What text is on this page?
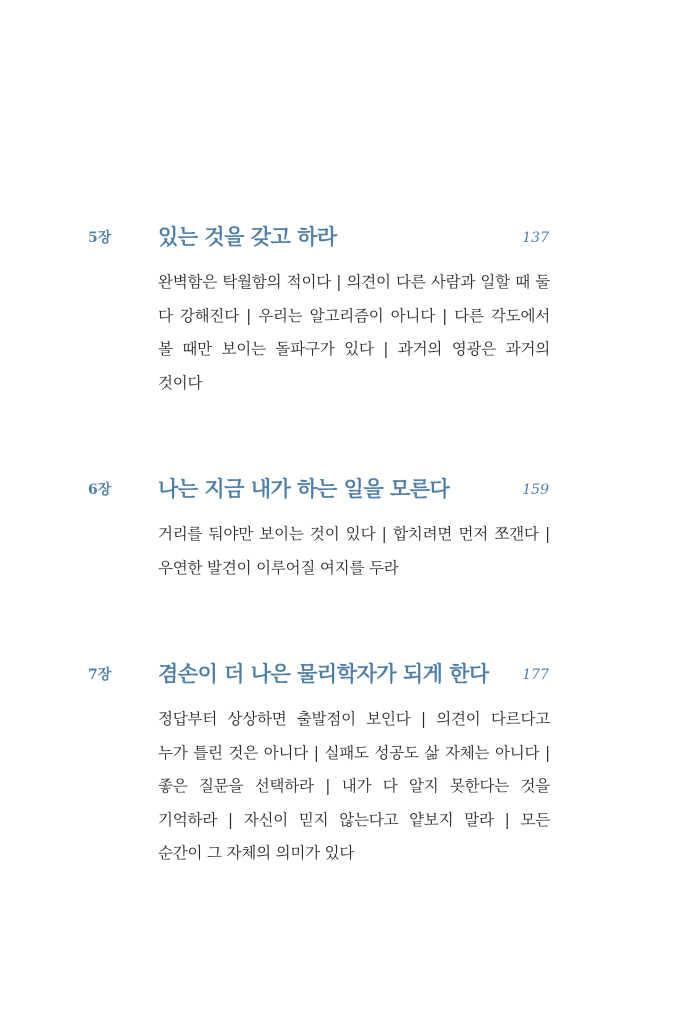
5장 있는 것을 갖고 하라	137
완벽함은 탁월함의 적이다 | 의견이 다른 사람과 일할 때 둘 다 강해진다 | 우리는 알고리즘이 아니다 | 다른 각도에서 볼 때만 보이는 돌파구가 있다 | 과거의 영광은 과거의 것이다
6장 나는 지금 내가 하는 일을 모른다	159
거리를 둬야만 보이는 것이 있다 | 합치려면 먼저 쪼갠다 | 우연한 발견이 이루어질 여지를 두라
7장 겸손이 더 나은 물리학자가 되게 한다 177
정답부터 상상하면 출발점이 보인다 | 의견이 다르다고 누가 틀린 것은 아니다 | 실패도 성공도 삶 자체는 아니다 | 좋은 질문을 선택하라 | 내가 다 알지 못한다는 것을 기억하라 | 자신이 믿지 않는다고 얕보지 말라 | 모든 순간이 그 자체의 의미가 있다
